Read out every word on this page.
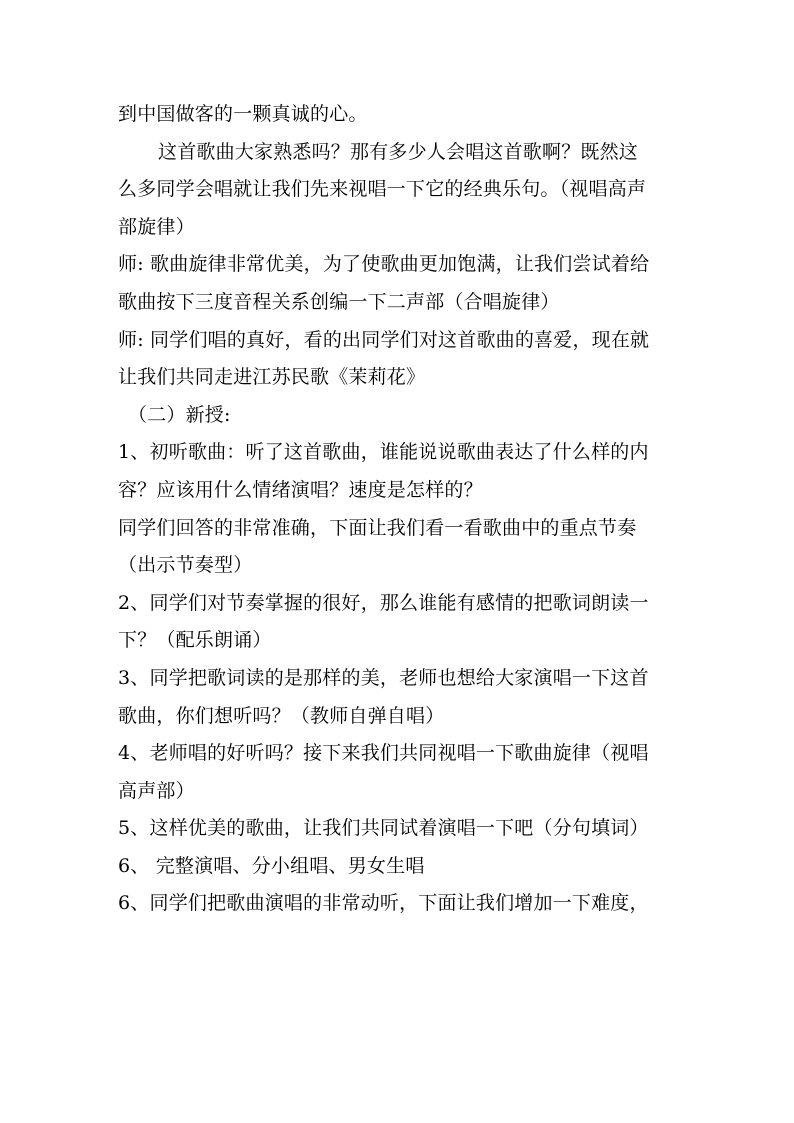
到中国做客的一颗真诚的心。
这首歌曲大家熟悉吗？那有多少人会唱这首歌啊？既然这
么多同学会唱就让我们先来视唱一下它的经典乐句。（视唱高声
部旋律）
师: 歌曲旋律非常优美，为了使歌曲更加饱满，让我们尝试着给
歌曲按下三度音程关系创编一下二声部（合唱旋律）
师: 同学们唱的真好，看的出同学们对这首歌曲的喜爱，现在就
让我们共同走进江苏民歌《茉莉花》
（二）新授:
1、初听歌曲：听了这首歌曲，谁能说说歌曲表达了什么样的内
容？应该用什么情绪演唱？速度是怎样的？
同学们回答的非常准确，下面让我们看一看歌曲中的重点节奏
（出示节奏型）
2、同学们对节奏掌握的很好，那么谁能有感情的把歌词朗读一
下？（配乐朗诵）
3、同学把歌词读的是那样的美，老师也想给大家演唱一下这首
歌曲，你们想听吗？（教师自弹自唱）
4、老师唱的好听吗？接下来我们共同视唱一下歌曲旋律（视唱
高声部）
5、这样优美的歌曲，让我们共同试着演唱一下吧（分句填词）
6、 完整演唱、分小组唱、男女生唱
6、同学们把歌曲演唱的非常动听，下面让我们增加一下难度，
